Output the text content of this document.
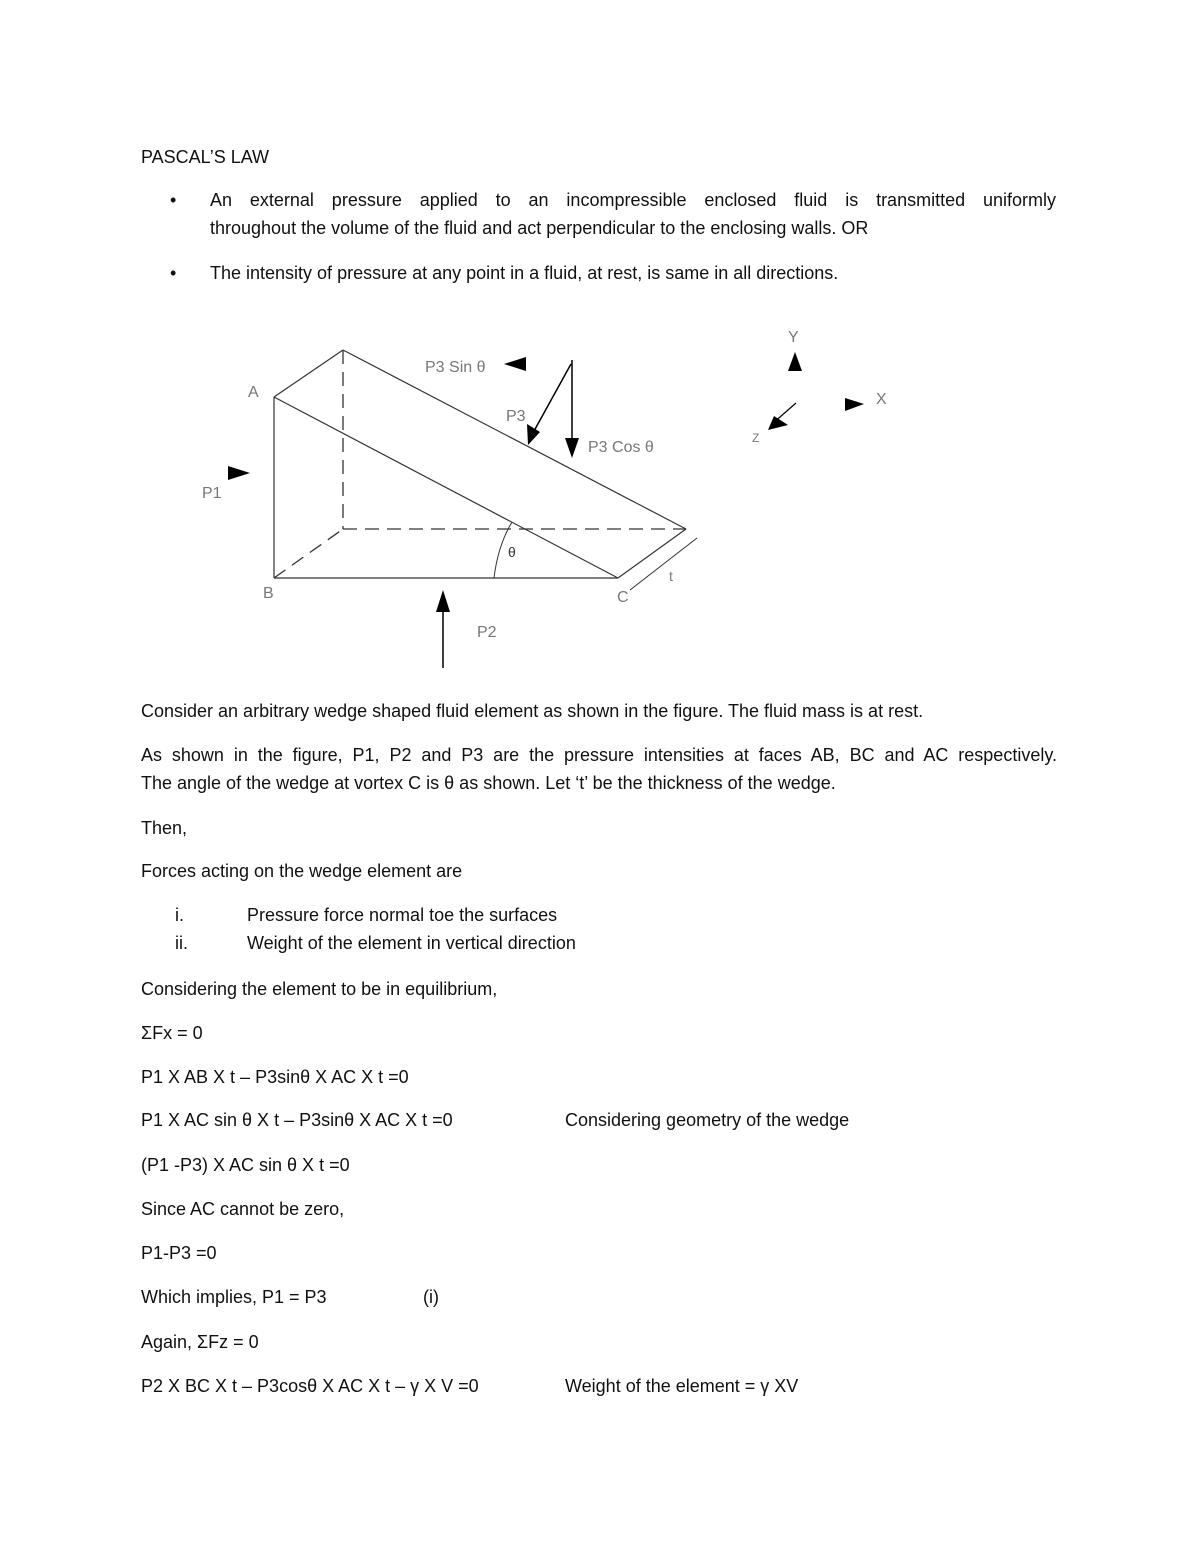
PASCAL’S LAW
•	An external pressure applied to an incompressible enclosed fluid is transmitted uniformly
throughout the volume of the fluid and act perpendicular to the enclosing walls. OR
•	The intensity of pressure at any point in a fluid, at rest, is same in all directions.
A
B	C
P1
P2
P3
P3 Sin θ
P3 Cos θ
θ
t
Y
X
Z
Consider an arbitrary wedge shaped fluid element as shown in the figure. The fluid mass is at rest.
As shown in the figure, P1, P2 and P3 are the pressure intensities at faces AB, BC and AC respectively.
The angle of the wedge at vortex C is θ as shown. Let ‘t’ be the thickness of the wedge.
Then,
Forces acting on the wedge element are
i.	Pressure force normal toe the surfaces
ii.	Weight of the element in vertical direction
Considering the element to be in equilibrium,
ΣFx = 0
P1 X AB X t – P3sinθ X AC X t =0
P1 X AC sin θ X t – P3sinθ X AC X t =0	Considering geometry of the wedge
(P1 -P3) X AC sin θ X t =0
Since AC cannot be zero,
P1-P3 =0
Which implies, P1 = P3	(i)
Again, ΣFz = 0
P2 X BC X t – P3cosθ X AC X t – γ X V =0	Weight of the element = γ XV
